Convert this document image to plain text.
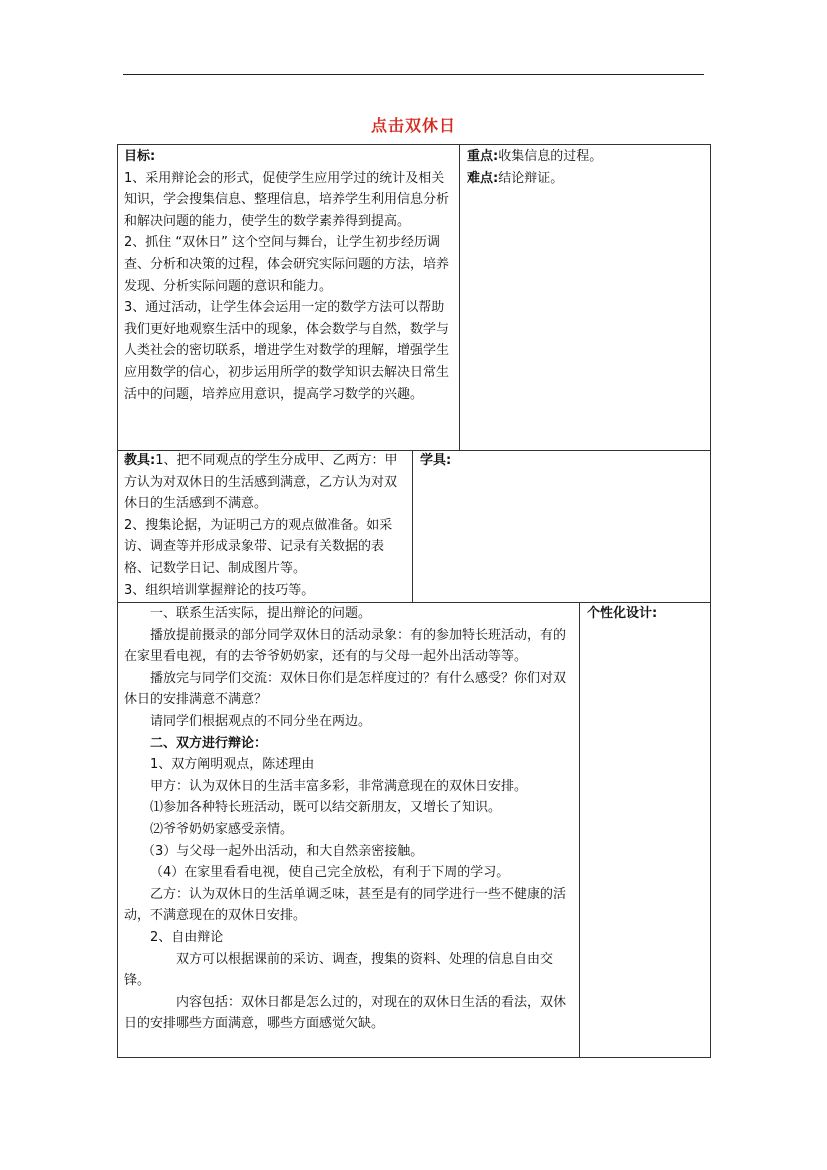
点击双休日

目标:

1、采用辩论会的形式，促使学生应用学过的统计及相关知识，学会搜集信息、整理信息，培养学生利用信息分析和解决问题的能力，使学生的数学素养得到提高。

2、抓住 “双休日” 这个空间与舞台，让学生初步经历调查、分析和决策的过程，体会研究实际问题的方法，培养发现、分析实际问题的意识和能力。

3、通过活动，让学生体会运用一定的数学方法可以帮助我们更好地观察生活中的现象，体会数学与自然，数学与人类社会的密切联系，增进学生对数学的理解，增强学生应用数学的信心，初步运用所学的数学知识去解决日常生活中的问题，培养应用意识，提高学习数学的兴趣。

重点:收集信息的过程。

难点:结论辩证。

教具:1、把不同观点的学生分成甲、乙两方：甲方认为对双休日的生活感到满意，乙方认为对双休日的生活感到不满意。

2、搜集论据，为证明己方的观点做准备。如采访、调查等并形成录象带、记录有关数据的表格、记数学日记、制成图片等。

3、组织培训掌握辩论的技巧等。

学具:
个性化设计:

一、联系生活实际，提出辩论的问题。

播放提前摄录的部分同学双休日的活动录象：有的参加特长班活动，有的在家里看电视，有的去爷爷奶奶家，还有的与父母一起外出活动等等。

播放完与同学们交流：双休日你们是怎样度过的？有什么感受？你们对双休日的安排满意不满意？

请同学们根据观点的不同分坐在两边。

二、双方进行辩论：

1、双方阐明观点，陈述理由

甲方：认为双休日的生活丰富多彩，非常满意现在的双休日安排。

⑴参加各种特长班活动，既可以结交新朋友，又增长了知识。

⑵爷爷奶奶家感受亲情。

（3）与父母一起外出活动，和大自然亲密接触。

（4）在家里看看电视，使自己完全放松，有利于下周的学习。

乙方：认为双休日的生活单调乏味，甚至是有的同学进行一些不健康的活动，不满意现在的双休日安排。

2、自由辩论

双方可以根据课前的采访、调查，搜集的资料、处理的信息自由交锋。

内容包括：双休日都是怎么过的，对现在的双休日生活的看法，双休日的安排哪些方面满意，哪些方面感觉欠缺。
